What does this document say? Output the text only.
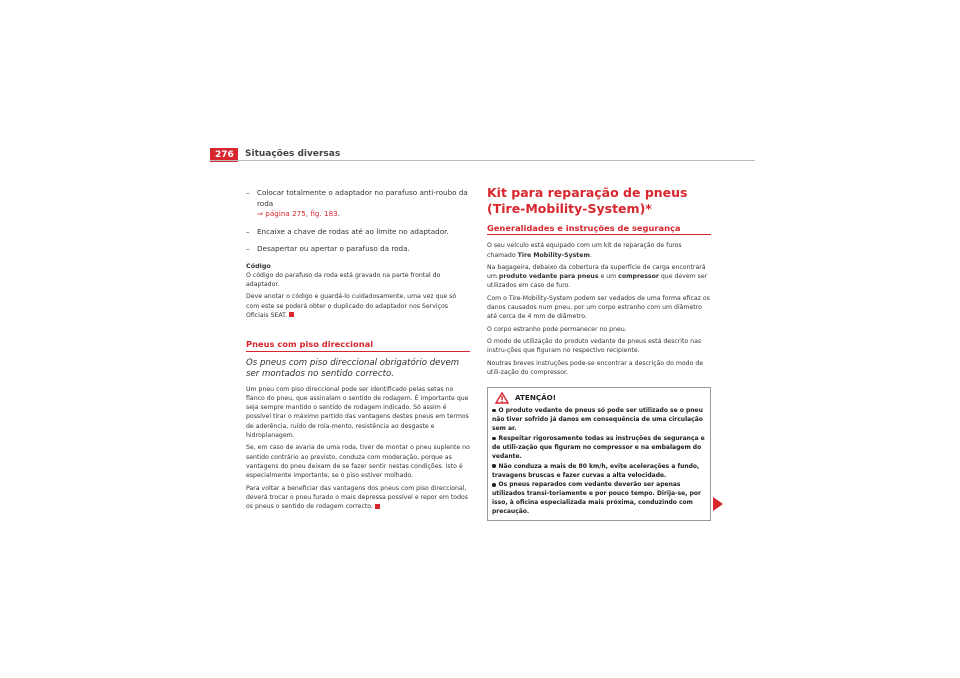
276	Situações diversas
– Colocar totalmente o adaptador no parafuso anti-roubo da roda
⇒ página 275, fig. 183.
– Encaixe a chave de rodas até ao limite no adaptador.
– Desapertar ou apertar o parafuso da roda.
Código
O código do parafuso da roda está gravado na parte frontal do adaptador.
Deve anotar o código e guardá-lo cuidadosamente, uma vez que só com este se poderá obter o duplicado do adaptador nos Serviços Oficiais SEAT.
Pneus com piso direccional
Os pneus com piso direccional obrigatório devem ser montados no sentido correcto.
Um pneu com piso direccional pode ser identificado pelas setas no flanco do pneu, que assinalam o sentido de rodagem. É importante que seja sempre mantido o sentido de rodagem indicado. Só assim é possível tirar o máximo partido das vantagens destes pneus em termos de aderência, ruído de rola-mento, resistência ao desgaste e hidroplanagem.
Se, em caso de avaria de uma roda, tiver de montar o pneu suplente no sentido contrário ao previsto, conduza com moderação, porque as vantagens do pneu deixam de se fazer sentir nestas condições. Isto é especialmente importante, se o piso estiver molhado.
Para voltar a beneficiar das vantagens dos pneus com piso direccional, deverá trocar o pneu furado o mais depressa possível e repor em todos os pneus o sentido de rodagem correcto.
Kit para reparação de pneus (Tire-Mobility-System)*
Generalidades e instruções de segurança
O seu veículo está equipado com um kit de reparação de furos chamado Tire Mobility-System.
Na bagageira, debaixo da cobertura da superfície de carga encontrará um produto vedante para pneus e um compressor que devem ser utilizados em caso de furo.
Com o Tire-Mobility-System podem ser vedados de uma forma eficaz os danos causados num pneu, por um corpo estranho com um diâmetro até cerca de 4 mm de diâmetro.
O corpo estranho pode permanecer no pneu.
O modo de utilização do produto vedante de pneus está descrito nas instru-ções que figuram no respectivo recipiente.
Noutras breves instruções pode-se encontrar a descrição do modo de utili-zação do compressor.
ATENÇÃO!
O produto vedante de pneus só pode ser utilizado se o pneu não tiver sofrido já danos em consequência de uma circulação sem ar.
Respeitar rigorosamente todas as instruções de segurança e de utili-zação que figuram no compressor e na embalagem do vedante.
Não conduza a mais de 80 km/h, evite acelerações a fundo, travagens bruscas e fazer curvas a alta velocidade.
Os pneus reparados com vedante deverão ser apenas utilizados transi-toriamente e por pouco tempo. Dirija-se, por isso, à oficina especializada mais próxima, conduzindo com precaução.
